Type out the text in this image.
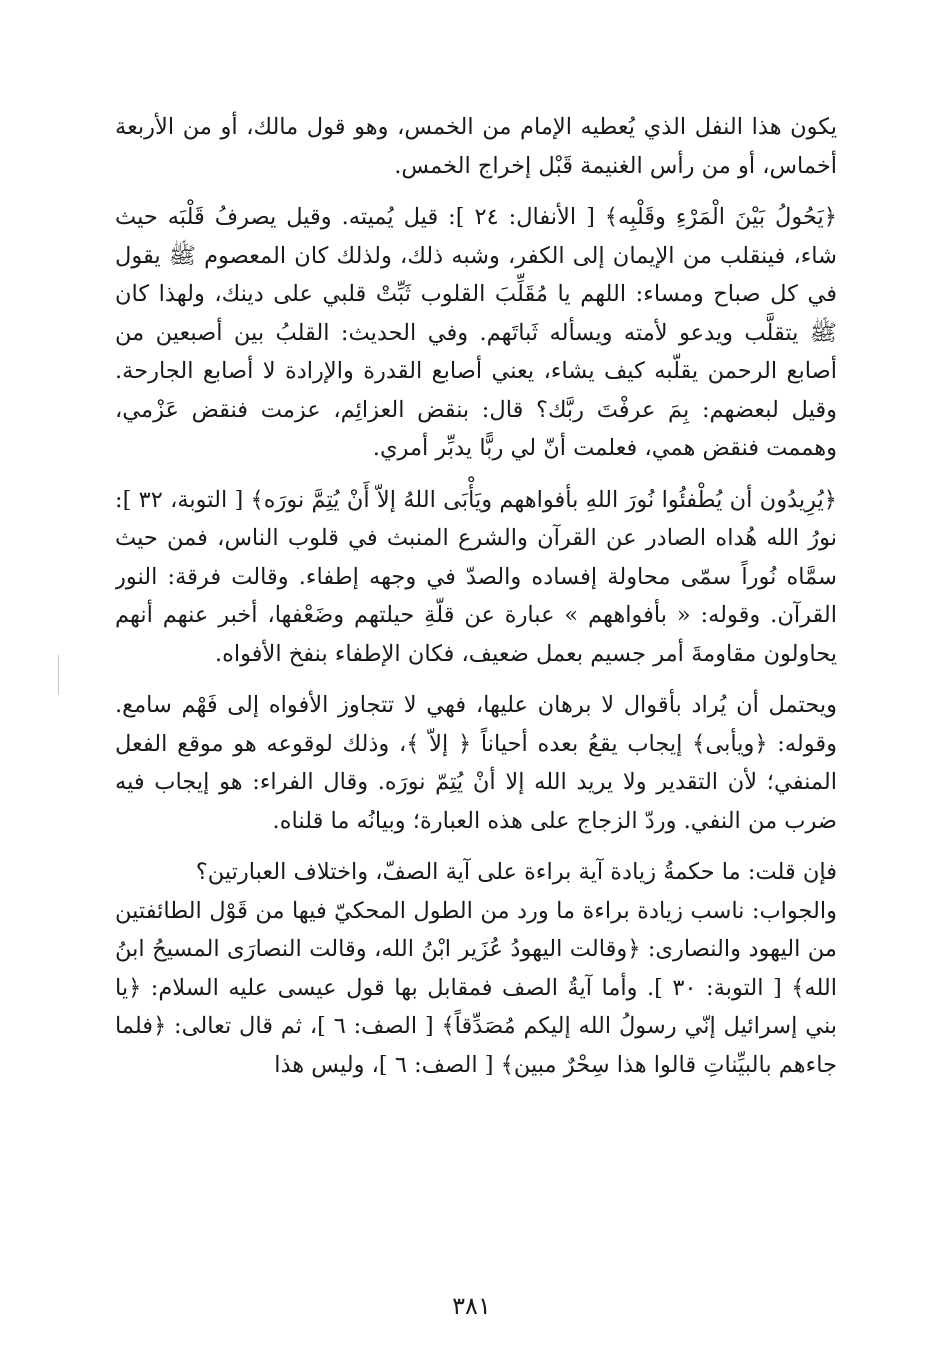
يكون هذا النفل الذي يُعطيه الإمام من الخمس، وهو قول مالك، أو من الأربعة أخماس، أو من رأس الغنيمة قَبْل إخراج الخمس.

﴿يَحُولُ بَيْنَ الْمَرْءِ وقَلْبِه﴾ [ الأنفال: ٢٤ ]: قيل يُميته. وقيل يصرفُ قَلْبَه حيث شاء، فينقلب من الإيمان إلى الكفر، وشبه ذلك، ولذلك كان المعصوم ﷺ يقول في كل صباح ومساء: اللهم يا مُقَلِّبَ القلوب ثَبِّتْ قلبي على دينك، ولهذا كان ﷺ يتقلَّب ويدعو لأمته ويسأله ثَباتَهم. وفي الحديث: القلبُ بين أصبعين من أصابع الرحمن يقلّبه كيف يشاء، يعني أصابع القدرة والإرادة لا أصابع الجارحة. وقيل لبعضهم: بِمَ عرفْتَ ربَّك؟ قال: بنقض العزائِم، عزمت فنقض عَزْمي، وهممت فنقض همي، فعلمت أنّ لي ربًّا يدبِّر أمري.

﴿يُرِيدُون أن يُطْفئُوا نُورَ اللهِ بأفواههم ويَأْبَى اللهُ إلاّ أَنْ يُتِمَّ نورَه﴾ [ التوبة، ٣٢ ]: نورُ الله هُداه الصادر عن القرآن والشرع المنبث في قلوب الناس، فمن حيث سمَّاه نُوراً سمّى محاولة إفساده والصدّ في وجهه إطفاء. وقالت فرقة: النور القرآن. وقوله: « بأفواههم » عبارة عن قلّةِ حيلتهم وضَعْفها، أخبر عنهم أنهم يحاولون مقاومةَ أمر جسيم بعمل ضعيف، فكان الإطفاء بنفخ الأفواه.

ويحتمل أن يُراد بأقوال لا برهان عليها، فهي لا تتجاوز الأفواه إلى فَهْم سامع. وقوله: ﴿ويأبى﴾ إيجاب يقعُ بعده أحياناً ﴿ إلاّ ﴾، وذلك لوقوعه هو موقع الفعل المنفي؛ لأن التقدير ولا يريد الله إلا أنْ يُتِمّ نورَه. وقال الفراء: هو إيجاب فيه ضرب من النفي. وردّ الزجاج على هذه العبارة؛ وبيانُه ما قلناه.

فإن قلت: ما حكمةُ زيادة آية براءة على آية الصفّ، واختلاف العبارتين؟

والجواب: ناسب زيادة براءة ما ورد من الطول المحكيّ فيها من قَوْل الطائفتين من اليهود والنصارى: ﴿وقالت اليهودُ عُزَير ابْنُ الله، وقالت النصارَى المسيحُ ابنُ الله﴾ [ التوبة: ٣٠ ]. وأما آيةُ الصف فمقابل بها قول عيسى عليه السلام: ﴿يا بني إسرائيل إنّي رسولُ الله إليكم مُصَدِّقاً﴾ [ الصف: ٦ ]، ثم قال تعالى: ﴿فلما جاءهم بالبيِّناتِ قالوا هذا سِحْرٌ مبين﴾ [ الصف: ٦ ]، وليس هذا

٣٨١
